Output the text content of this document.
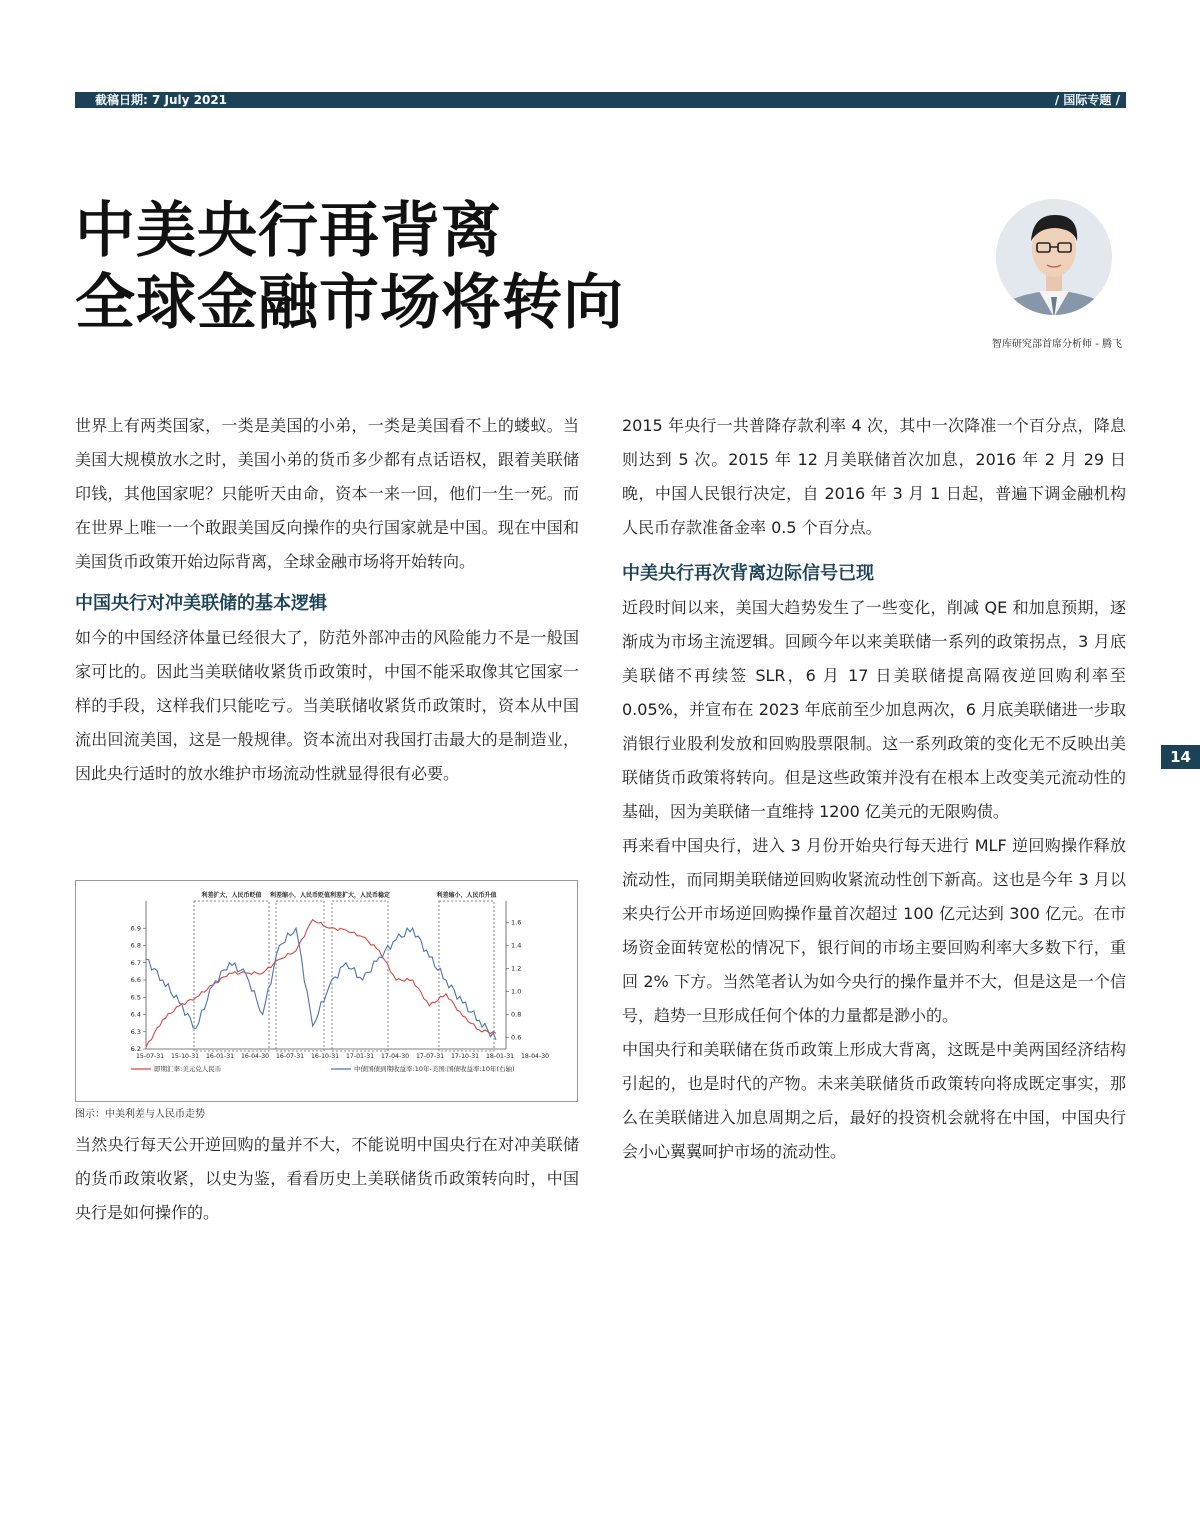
截稿日期: 7 July 2021	/ 国际专题 /
中美央行再背离
全球金融市场将转向
智库研究部首席分析师 - 腾飞

世界上有两类国家，一类是美国的小弟，一类是美国看不上的蝼蚁。当美国大规模放水之时，美国小弟的货币多少都有点话语权，跟着美联储印钱，其他国家呢？只能听天由命，资本一来一回，他们一生一死。而在世界上唯一一个敢跟美国反向操作的央行国家就是中国。现在中国和美国货币政策开始边际背离，全球金融市场将开始转向。

中国央行对冲美联储的基本逻辑

如今的中国经济体量已经很大了，防范外部冲击的风险能力不是一般国家可比的。因此当美联储收紧货币政策时，中国不能采取像其它国家一样的手段，这样我们只能吃亏。当美联储收紧货币政策时，资本从中国流出回流美国，这是一般规律。资本流出对我国打击最大的是制造业，因此央行适时的放水维护市场流动性就显得很有必要。

利差扩大，人民币贬值 利差缩小，人民币贬值 利差扩大，人民币稳定	利差缩小，人民币升值
6.2
6.3
6.4
6.5
6.6
6.7
6.8
6.9
0.6
0.8
1.0
1.2
1.4
1.6
15-07-31 15-10-31 16-01-31 16-04-30 16-07-31 16-10-31 17-01-31 17-04-30 17-07-31 17-10-31 18-01-31 18-04-30
即期汇率:美元兑人民币	中债国债到期收益率:10年-美国:国债收益率:10年(右轴)
图示：中美利差与人民币走势

当然央行每天公开逆回购的量并不大，不能说明中国央行在对冲美联储的货币政策收紧，以史为鉴，看看历史上美联储货币政策转向时，中国央行是如何操作的。

2015 年央行一共普降存款利率 4 次，其中一次降准一个百分点，降息则达到 5 次。2015 年 12 月美联储首次加息，2016 年 2 月 29 日晚，中国人民银行决定，自 2016 年 3 月 1 日起，普遍下调金融机构人民币存款准备金率 0.5 个百分点。

中美央行再次背离边际信号已现

近段时间以来，美国大趋势发生了一些变化，削减 QE 和加息预期，逐渐成为市场主流逻辑。回顾今年以来美联储一系列的政策拐点，3 月底美联储不再续签 SLR，6 月 17 日美联储提高隔夜逆回购利率至 0.05%，并宣布在 2023 年底前至少加息两次，6 月底美联储进一步取消银行业股利发放和回购股票限制。这一系列政策的变化无不反映出美联储货币政策将转向。但是这些政策并没有在根本上改变美元流动性的基础，因为美联储一直维持 1200 亿美元的无限购债。

再来看中国央行，进入 3 月份开始央行每天进行 MLF 逆回购操作释放流动性，而同期美联储逆回购收紧流动性创下新高。这也是今年 3 月以来央行公开市场逆回购操作量首次超过 100 亿元达到 300 亿元。在市场资金面转宽松的情况下，银行间的市场主要回购利率大多数下行，重回 2% 下方。当然笔者认为如今央行的操作量并不大，但是这是一个信号，趋势一旦形成任何个体的力量都是渺小的。

中国央行和美联储在货币政策上形成大背离，这既是中美两国经济结构引起的，也是时代的产物。未来美联储货币政策转向将成既定事实，那么在美联储进入加息周期之后，最好的投资机会就将在中国，中国央行会小心翼翼呵护市场的流动性。

14
